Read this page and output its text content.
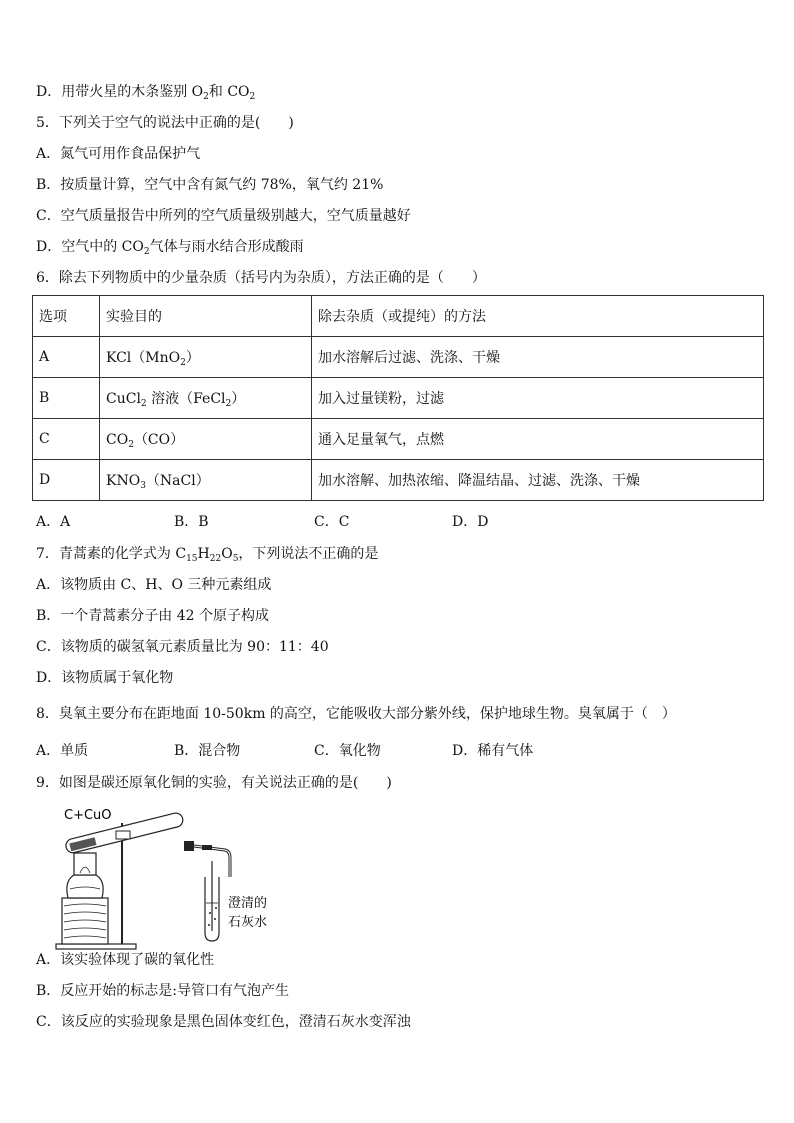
D．用带火星的木条鉴别 $O_2$和 $CO_2$
5．下列关于空气的说法中正确的是(　　)
A．氮气可用作食品保护气
B．按质量计算，空气中含有氮气约 78%，氧气约 21%
C．空气质量报告中所列的空气质量级别越大，空气质量越好
D．空气中的 $CO_2$气体与雨水结合形成酸雨
6．除去下列物质中的少量杂质（括号内为杂质），方法正确的是（　　）
选项	实验目的	除去杂质（或提纯）的方法
A	KCl（MnO$_2$）	加水溶解后过滤、洗涤、干燥
B	CuCl$_2$ 溶液（FeCl$_2$）	加入过量镁粉，过滤
C	$CO_2(CO)$	通入足量氧气，点燃
D	$KNO_3(NaCl)$	加水溶解、加热浓缩、降温结晶、过滤、洗涤、干燥
A．A	B．B	C．C	D．D
7．青蒿素的化学式为 $C_{15}H_{22}O_5$，下列说法不正确的是
A．该物质由 C、H、O 三种元素组成
B．一个青蒿素分子由 42 个原子构成
C．该物质的碳氢氧元素质量比为 90：11：40
D．该物质属于氧化物
8．臭氧主要分布在距地面 10-50km 的高空，它能吸收大部分紫外线，保护地球生物。臭氧属于（　）
A．单质	B．混合物	C．氧化物	D．稀有气体
9．如图是碳还原氧化铜的实验，有关说法正确的是(　　)
C+CuO
澄清的
石灰水
A．该实验体现了碳的氧化性
B．反应开始的标志是:导管口有气泡产生
C．该反应的实验现象是黑色固体变红色，澄清石灰水变浑浊
